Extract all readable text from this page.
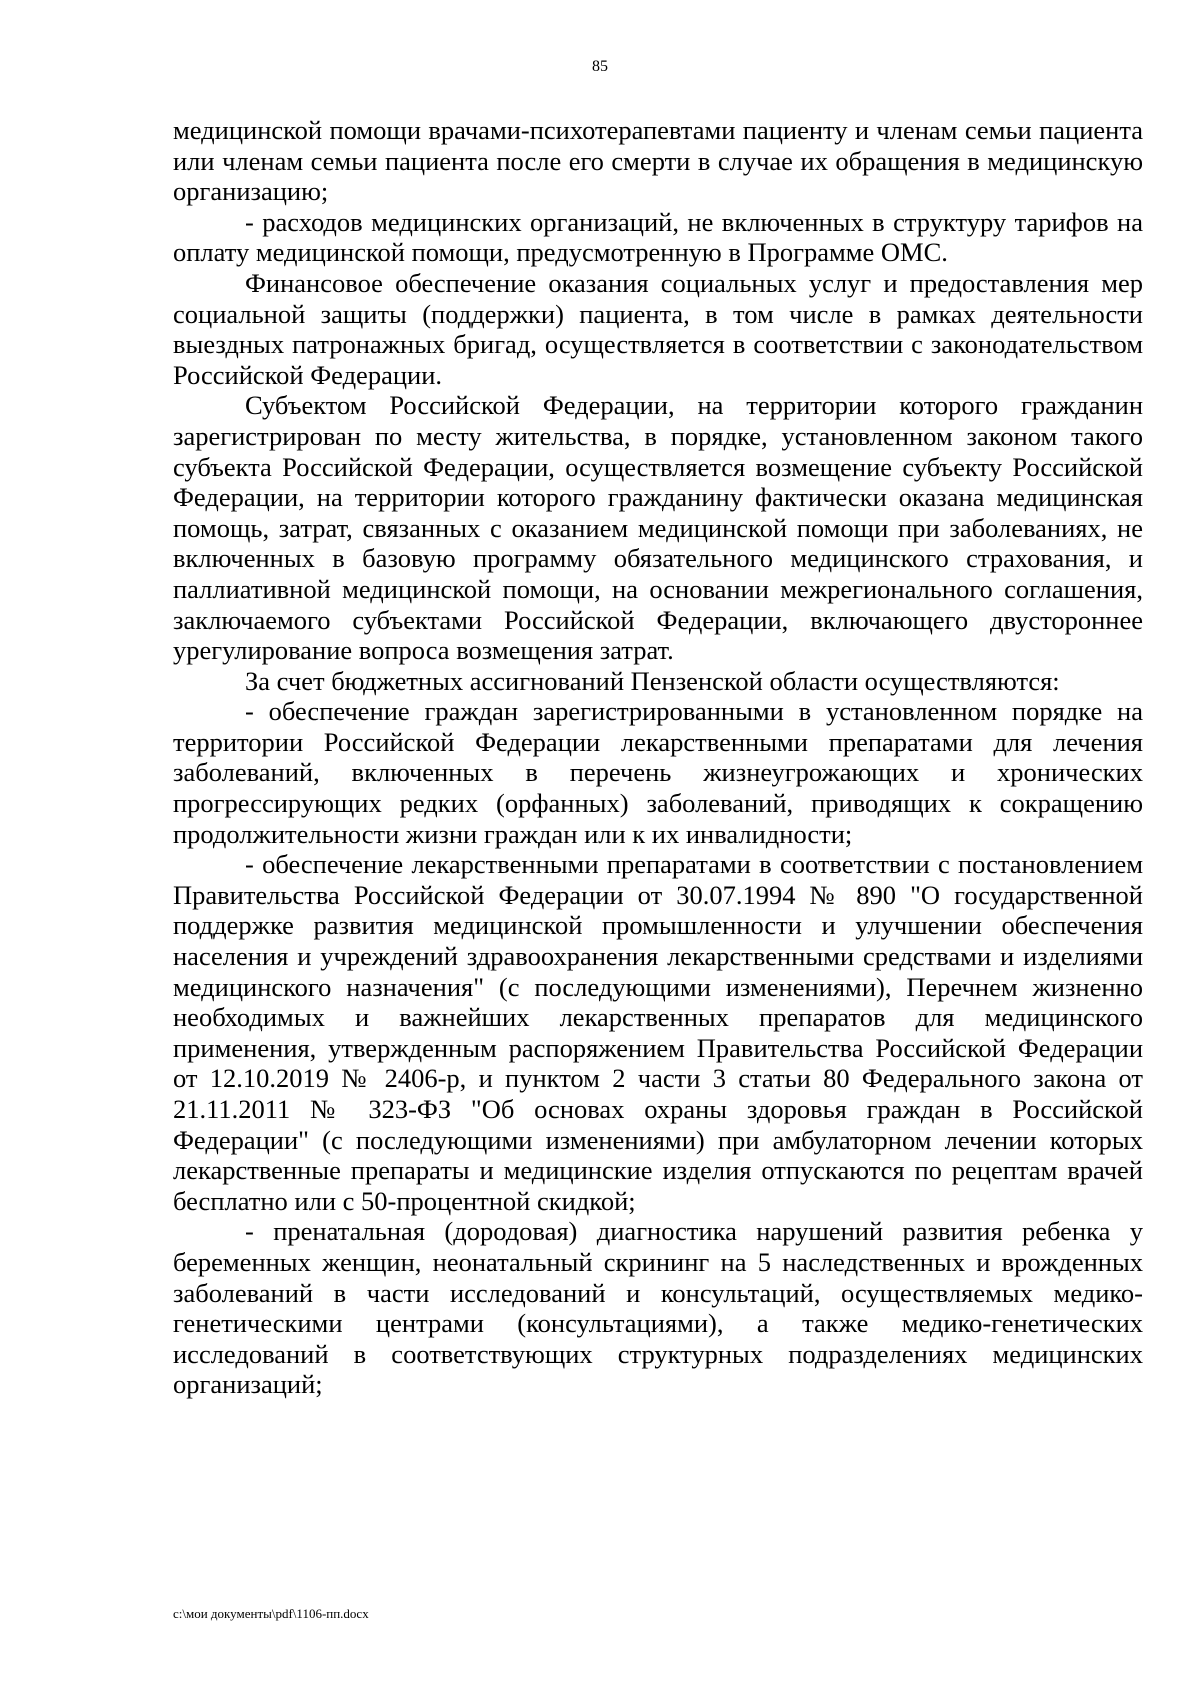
85

медицинской помощи врачами-психотерапевтами пациенту и членам семьи пациента или членам семьи пациента после его смерти в случае их обращения в медицинскую организацию;

- расходов медицинских организаций, не включенных в структуру тарифов на оплату медицинской помощи, предусмотренную в Программе ОМС.

Финансовое обеспечение оказания социальных услуг и предоставления мер социальной защиты (поддержки) пациента, в том числе в рамках деятельности выездных патронажных бригад, осуществляется в соответствии с законодательством Российской Федерации.

Субъектом Российской Федерации, на территории которого гражданин зарегистрирован по месту жительства, в порядке, установленном законом такого субъекта Российской Федерации, осуществляется возмещение субъекту Российской Федерации, на территории которого гражданину фактически оказана медицинская помощь, затрат, связанных с оказанием медицинской помощи при заболеваниях, не включенных в базовую программу обязательного медицинского страхования, и паллиативной медицинской помощи, на основании межрегионального соглашения, заключаемого субъектами Российской Федерации, включающего двустороннее урегулирование вопроса возмещения затрат.

За счет бюджетных ассигнований Пензенской области осуществляются:

- обеспечение граждан зарегистрированными в установленном порядке на территории Российской Федерации лекарственными препаратами для лечения заболеваний, включенных в перечень жизнеугрожающих и хронических прогрессирующих редких (орфанных) заболеваний, приводящих к сокращению продолжительности жизни граждан или к их инвалидности;

- обеспечение лекарственными препаратами в соответствии с постановлением Правительства Российской Федерации от 30.07.1994 № 890 "О государственной поддержке развития медицинской промышленности и улучшении обеспечения населения и учреждений здравоохранения лекарственными средствами и изделиями медицинского назначения" (с последующими изменениями), Перечнем жизненно необходимых и важнейших лекарственных препаратов для медицинского применения, утвержденным распоряжением Правительства Российской Федерации от 12.10.2019 № 2406-р, и пунктом 2 части 3 статьи 80 Федерального закона от 21.11.2011 № 323-ФЗ "Об основах охраны здоровья граждан в Российской Федерации" (с последующими изменениями) при амбулаторном лечении которых лекарственные препараты и медицинские изделия отпускаются по рецептам врачей бесплатно или с 50-процентной скидкой;

- пренатальная (дородовая) диагностика нарушений развития ребенка у беременных женщин, неонатальный скрининг на 5 наследственных и врожденных заболеваний в части исследований и консультаций, осуществляемых медико-генетическими центрами (консультациями), а также медико-генетических исследований в соответствующих структурных подразделениях медицинских организаций;

c:\мои документы\pdf\1106-пп.docx
